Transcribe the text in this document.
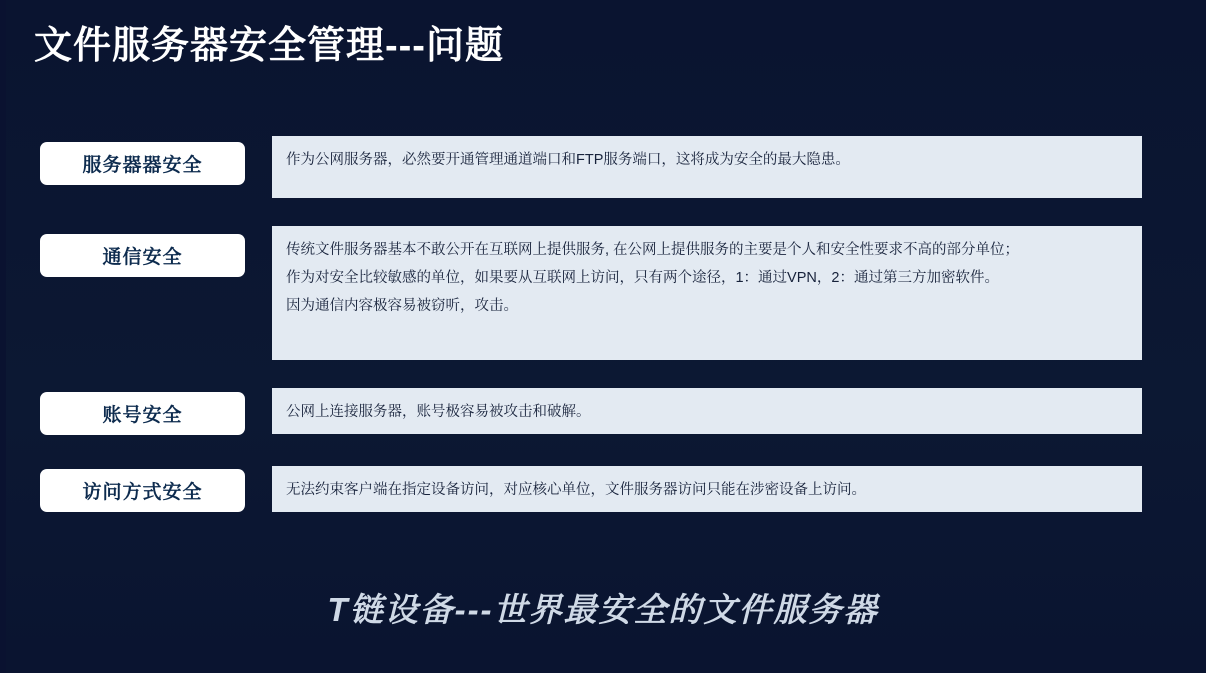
文件服务器安全管理---问题
服务器器安全	作为公网服务器，必然要开通管理通道端口和FTP服务端口，这将成为安全的最大隐患。

通信安全	传统文件服务器基本不敢公开在互联网上提供服务, 在公网上提供服务的主要是个人和安全性要求不高的部分单位；

作为对安全比较敏感的单位，如果要从互联网上访问，只有两个途径，1：通过VPN，2：通过第三方加密软件。

因为通信内容极容易被窃听，攻击。

账号安全	公网上连接服务器，账号极容易被攻击和破解。

访问方式安全	无法约束客户端在指定设备访问，对应核心单位，文件服务器访问只能在涉密设备上访问。

T链设备---世界最安全的文件服务器
